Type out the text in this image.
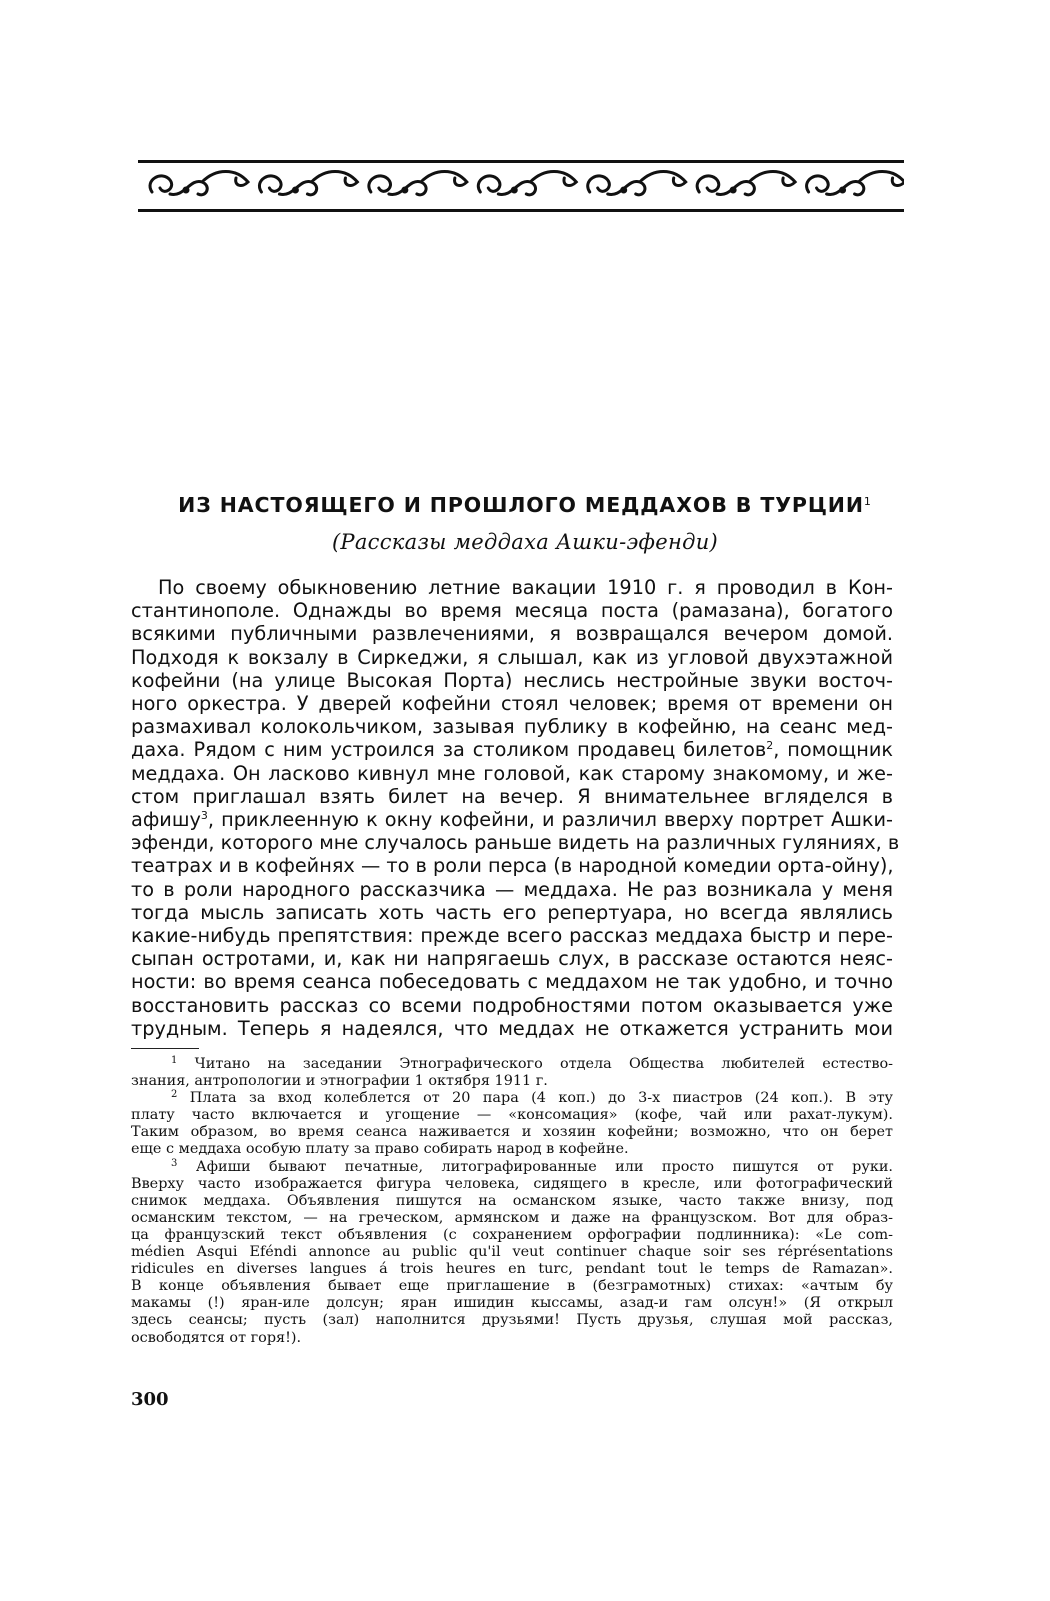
ИЗ НАСТОЯЩЕГО И ПРОШЛОГО МЕДДАХОВ В ТУРЦИИ$^1$

(Рассказы меддаха Ашки-эфенди)

По своему обыкновению летние вакации 1910 г. я проводил в Кон-
стантинополе. Однажды во время месяца поста (рамазана), богатого
всякими публичными развлечениями, я возвращался вечером домой.
Подходя к вокзалу в Сиркеджи, я слышал, как из угловой двухэтажной
кофейни (на улице Высокая Порта) неслись нестройные звуки восточ-
ного оркестра. У дверей кофейни стоял человек; время от времени он
размахивал колокольчиком, зазывая публику в кофейню, на сеанс мед-
даха. Рядом с ним устроился за столиком продавец билетов$^2$, помощник
меддаха. Он ласково кивнул мне головой, как старому знакомому, и же-
стом приглашал взять билет на вечер. Я внимательнее вгляделся в
афишу$^3$, приклеенную к окну кофейни, и различил вверху портрет Ашки-
эфенди, которого мне случалось раньше видеть на различных гуляниях, в
театрах и в кофейнях — то в роли перса (в народной комедии орта-ойну),
то в роли народного рассказчика — меддаха. Не раз возникала у меня
тогда мысль записать хоть часть его репертуара, но всегда являлись
какие-нибудь препятствия: прежде всего рассказ меддаха быстр и пере-
сыпан остротами, и, как ни напрягаешь слух, в рассказе остаются неяс-
ности: во время сеанса побеседовать с меддахом не так удобно, и точно
восстановить рассказ со всеми подробностями потом оказывается уже
трудным. Теперь я надеялся, что меддах не откажется устранить мои
$^1$ Читано на заседании Этнографического отдела Общества любителей естество-
знания, антропологии и этнографии 1 октября 1911 г.
$^2$ Плата за вход колеблется от 20 пара (4 коп.) до 3-х пиастров (24 коп.). В эту
плату часто включается и угощение — «консомация» (кофе, чай или рахат-лукум).
Таким образом, во время сеанса наживается и хозяин кофейни; возможно, что он берет
еще с меддаха особую плату за право собирать народ в кофейне.
$^3$ Афиши бывают печатные, литографированные или просто пишутся от руки.
Вверху часто изображается фигура человека, сидящего в кресле, или фотографический
снимок меддаха. Объявления пишутся на османском языке, часто также внизу, под
османским текстом, — на греческом, армянском и даже на французском. Вот для образ-
ца французский текст объявления (с сохранением орфографии подлинника): «Le com-
médien Asqui Eféndi annonce au public qu'il veut continuer chaque soir ses réprésentations
ridicules en diverses langues á trois heures en turc, pendant tout le temps de Ramazan».
В конце объявления бывает еще приглашение в (безграмотных) стихах: «ачтым бу
макамы (!) яран-иле долсун; яран ишидин кысcамы, азад-и гам олсун!» (Я открыл
здесь сеансы; пусть (зал) наполнится друзьями! Пусть друзья, слушая мой рассказ,
освободятся от горя!).

300
